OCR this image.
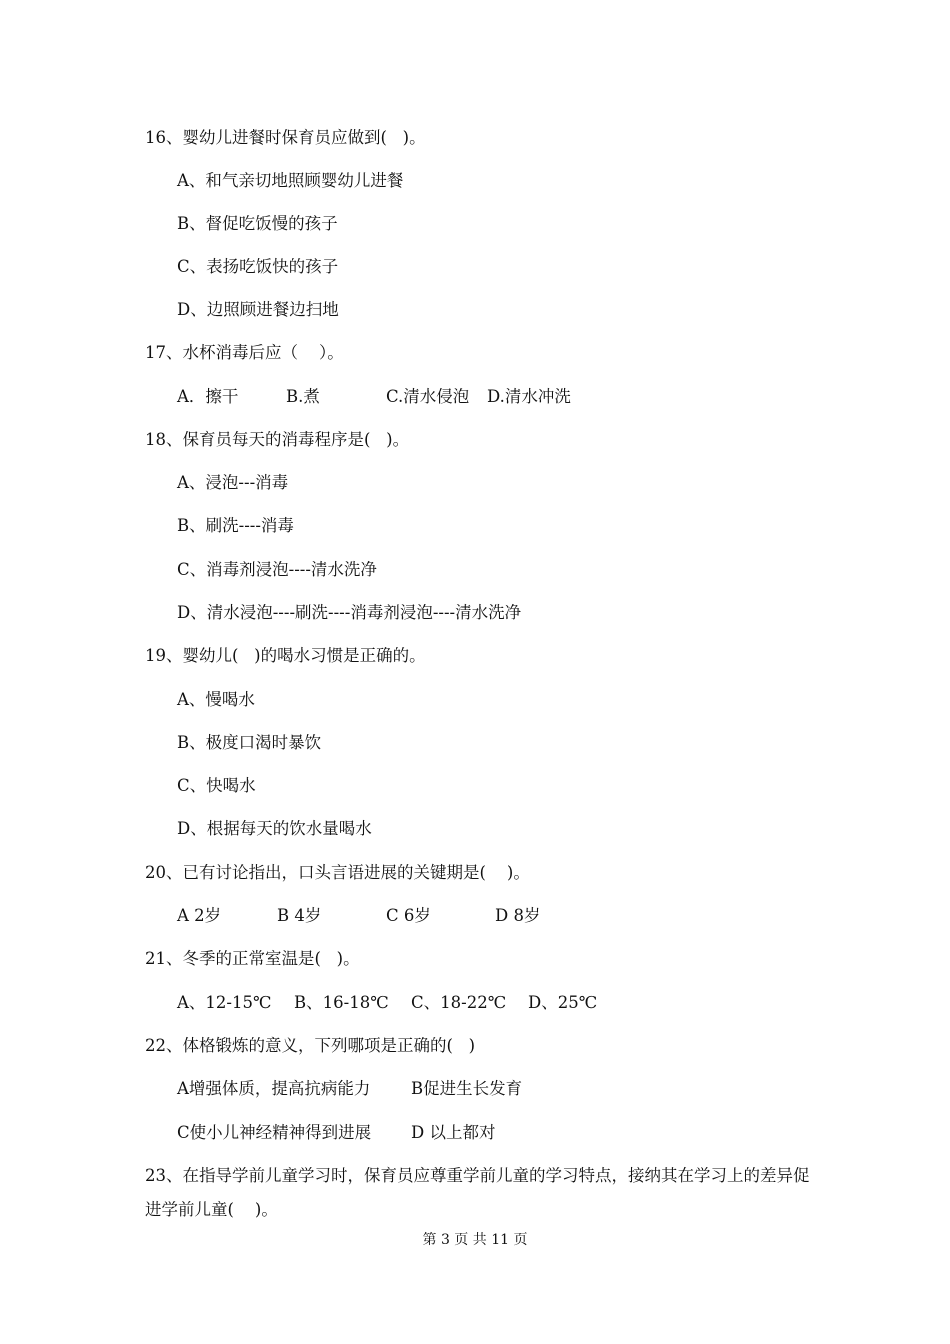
16、婴幼儿进餐时保育员应做到(   )。
A、和气亲切地照顾婴幼儿进餐
B、督促吃饭慢的孩子
C、表扬吃饭快的孩子
D、边照顾进餐边扫地
17、水杯消毒后应（    ）。
A．擦干	B.煮	C.清水侵泡 D.清水冲洗
18、保育员每天的消毒程序是(   )。
A、浸泡---消毒
B、刷洗----消毒
C、消毒剂浸泡----清水洗净
D、清水浸泡----刷洗----消毒剂浸泡----清水洗净
19、婴幼儿(   )的喝水习惯是正确的。
A、慢喝水
B、极度口渴时暴饮
C、快喝水
D、根据每天的饮水量喝水
20、已有讨论指出，口头言语进展的关键期是(    )。
A 2岁	B 4岁	C 6岁	D 8岁
21、冬季的正常室温是(   )。
A、12-15℃ B、16-18℃ C、18-22℃ D、25℃
22、体格锻炼的意义，下列哪项是正确的(   )
A增强体质，提高抗病能力 B促进生长发育
C使小儿神经精神得到进展 D 以上都对
23、在指导学前儿童学习时，保育员应尊重学前儿童的学习特点，接纳其在学习上的差异促进学前儿童(    )。
第 3 页 共 11 页
